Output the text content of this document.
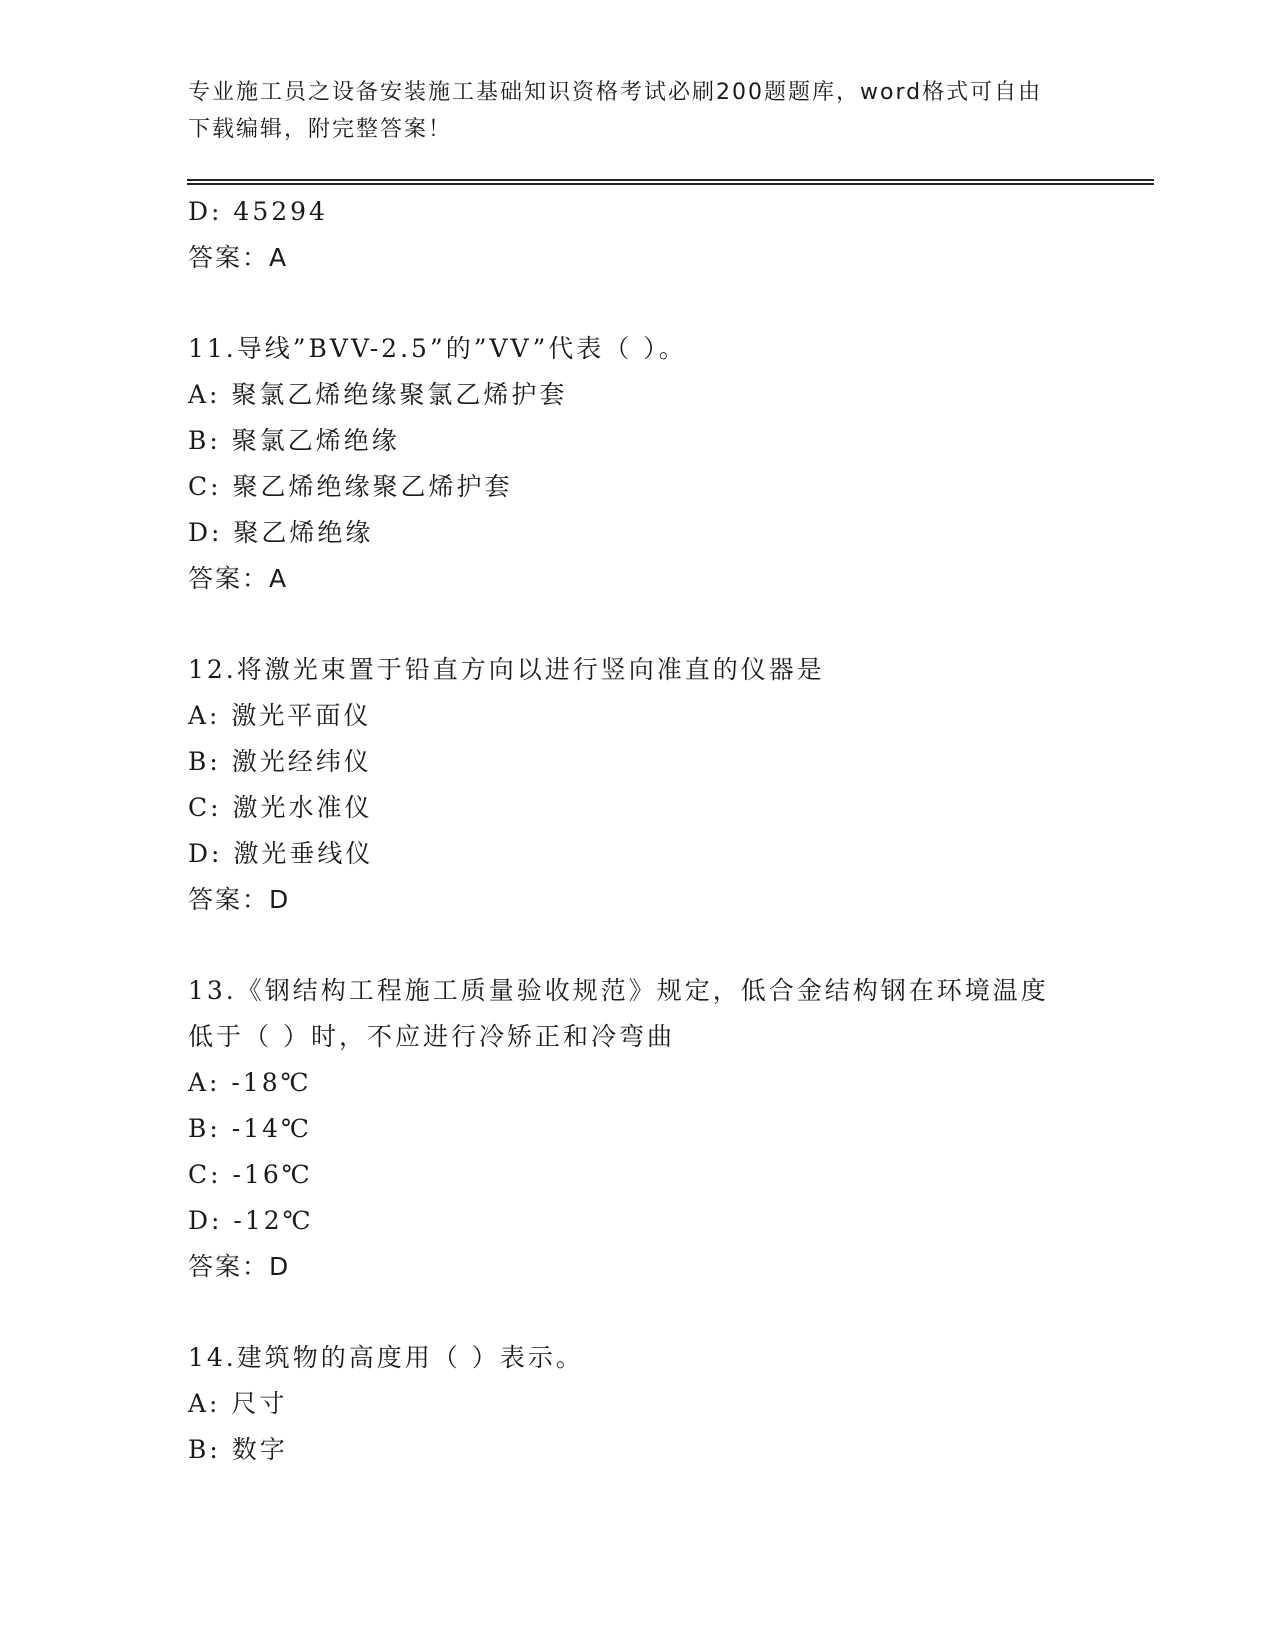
专业施工员之设备安装施工基础知识资格考试必刷200题题库，word格式可自由
下载编辑，附完整答案！
D: 45294
答案：A
11.导线”BVV-2.5”的”VV”代表（ ）。
A: 聚氯乙烯绝缘聚氯乙烯护套
B: 聚氯乙烯绝缘
C: 聚乙烯绝缘聚乙烯护套
D: 聚乙烯绝缘
答案：A
12.将激光束置于铅直方向以进行竖向准直的仪器是
A: 激光平面仪
B: 激光经纬仪
C: 激光水准仪
D: 激光垂线仪
答案：D
13.《钢结构工程施工质量验收规范》规定，低合金结构钢在环境温度
低于（ ）时，不应进行冷矫正和冷弯曲
A: -18℃
B: -14℃
C: -16℃
D: -12℃
答案：D
14.建筑物的高度用（ ）表示。
A: 尺寸
B: 数字
